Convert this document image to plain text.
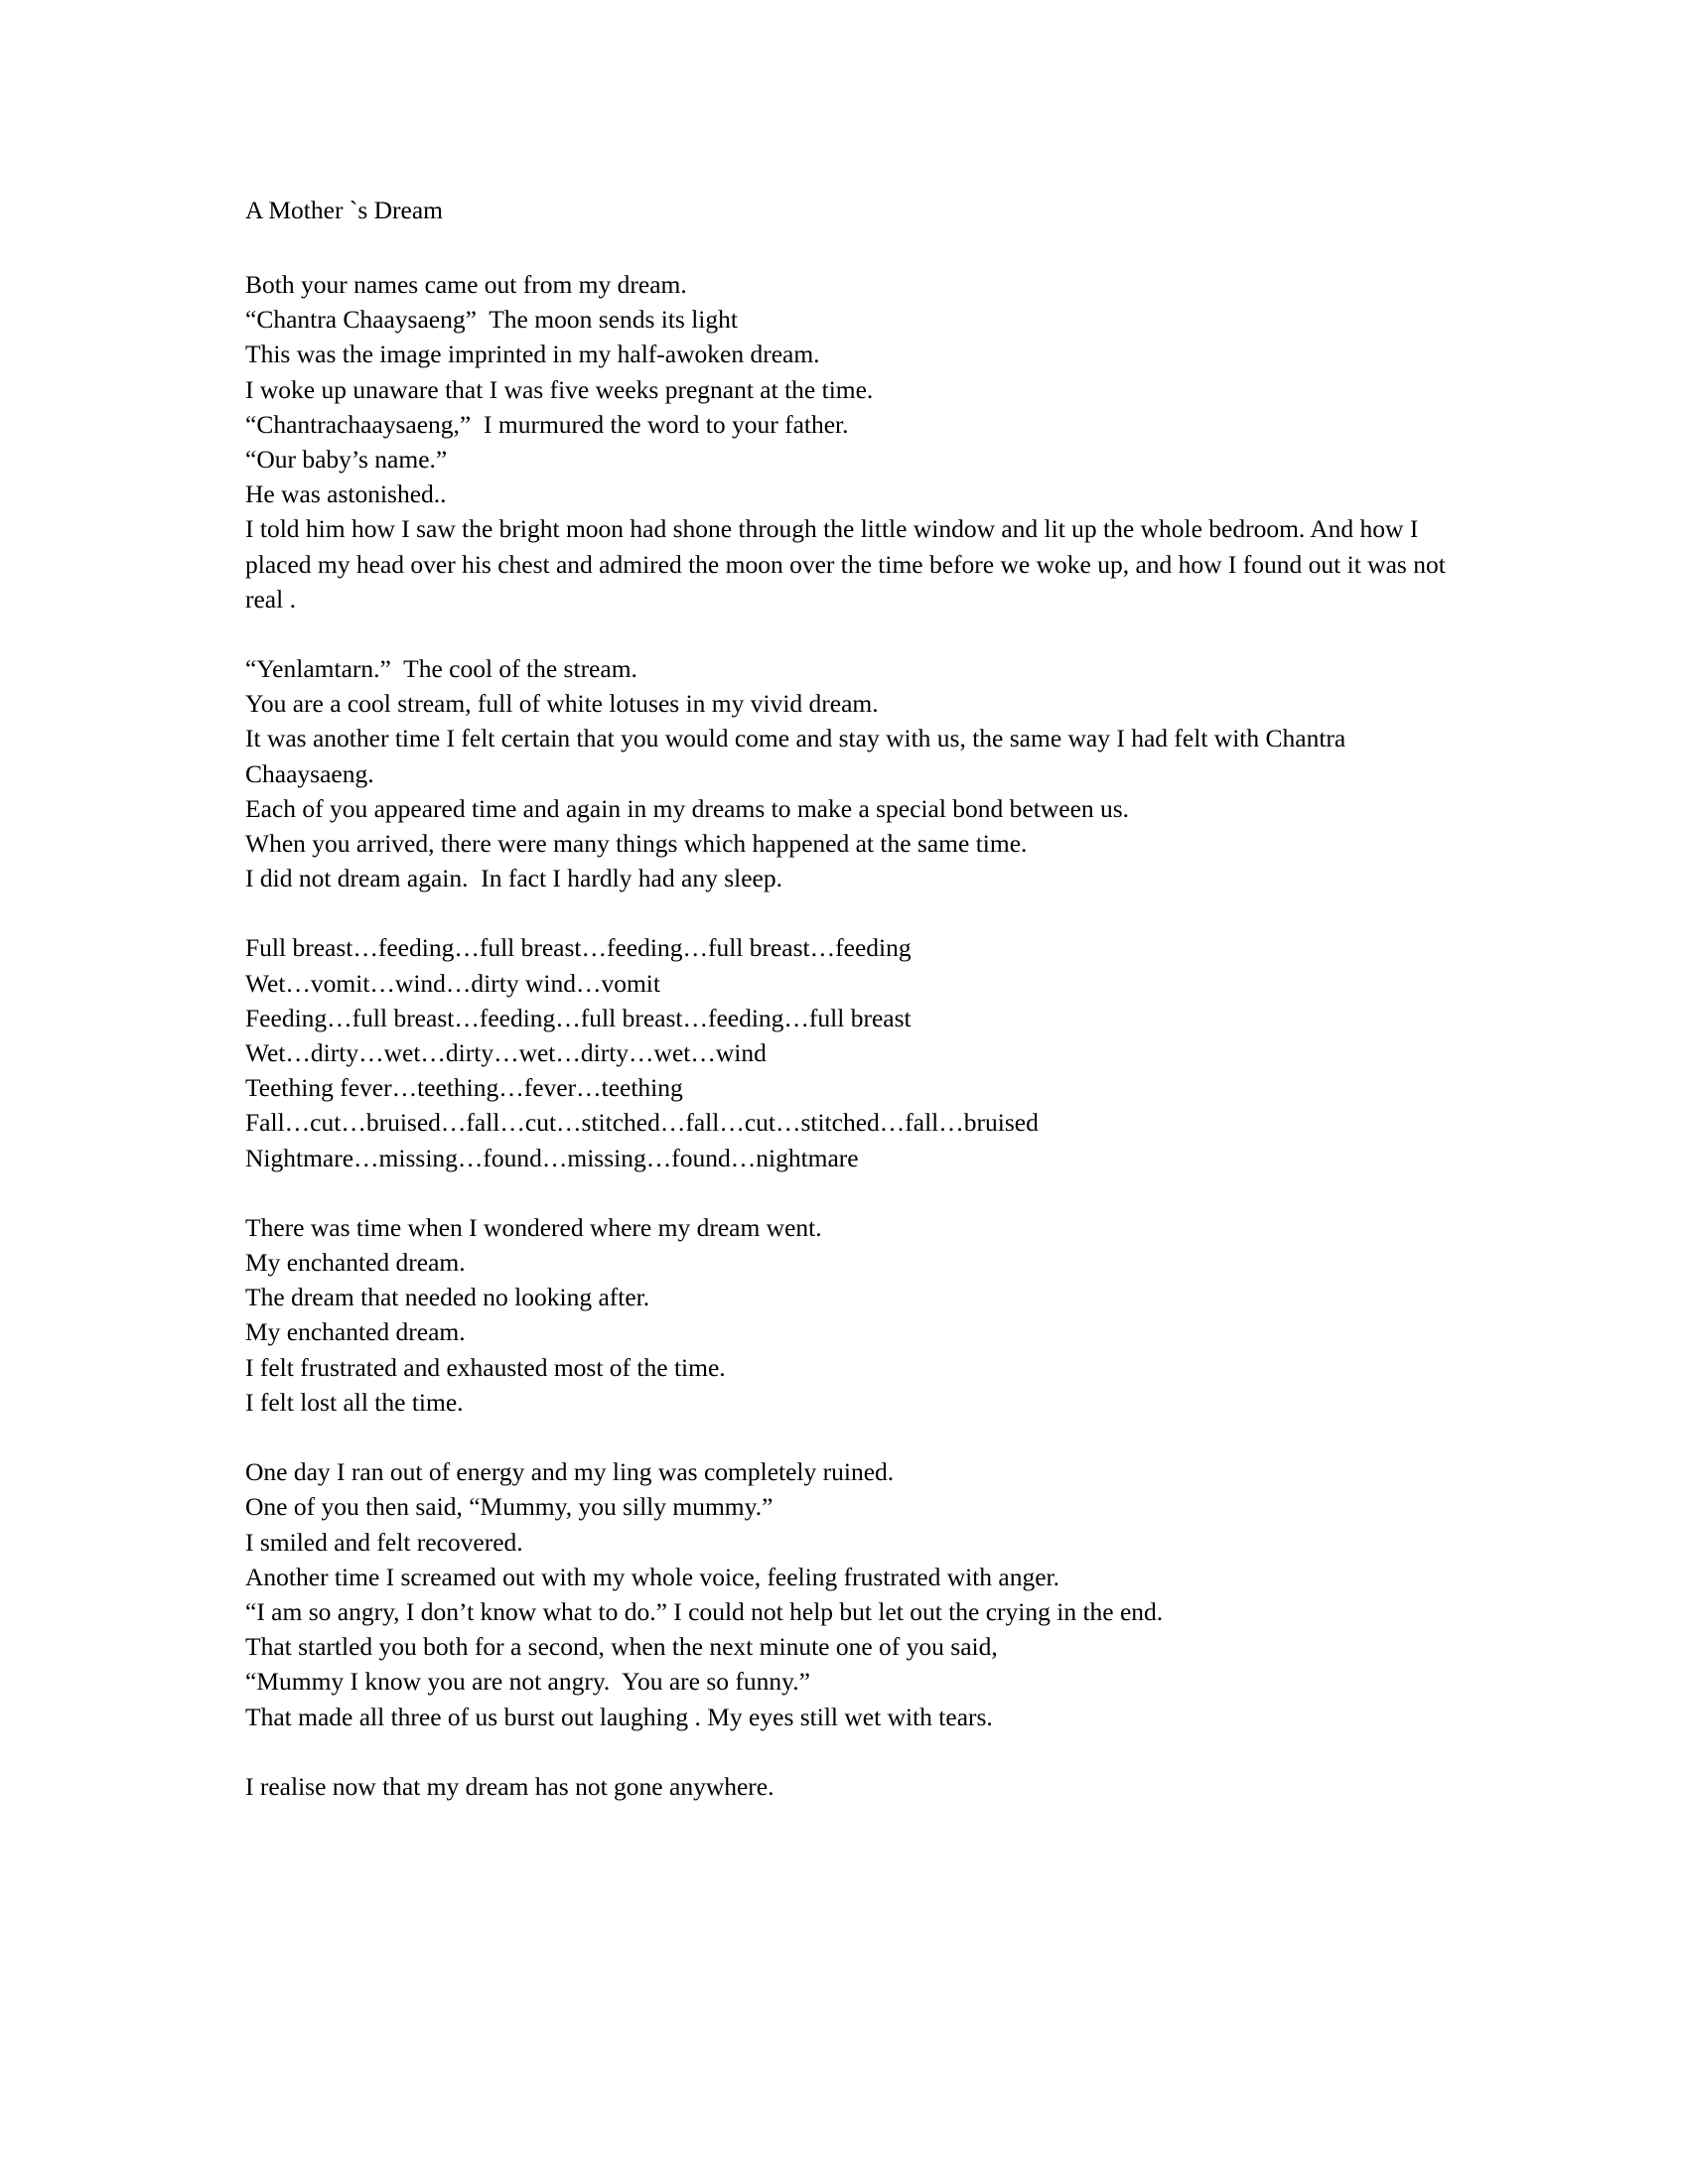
A Mother `s Dream

Both your names came out from my dream.

“Chantra Chaaysaeng”  The moon sends its light

This was the image imprinted in my half-awoken dream.

I woke up unaware that I was five weeks pregnant at the time.

“Chantrachaaysaeng,”  I murmured the word to your father.

“Our baby’s name.”

He was astonished..

I told him how I saw the bright moon had shone through the little window and lit up the whole bedroom. And how I placed my head over his chest and admired the moon over the time before we woke up, and how I found out it was not real .

“Yenlamtarn.”  The cool of the stream.

You are a cool stream, full of white lotuses in my vivid dream.

It was another time I felt certain that you would come and stay with us, the same way I had felt with Chantra Chaaysaeng.

Each of you appeared time and again in my dreams to make a special bond between us.

When you arrived, there were many things which happened at the same time.

I did not dream again.  In fact I hardly had any sleep.

Full breast…feeding…full breast…feeding…full breast…feeding

Wet…vomit…wind…dirty wind…vomit

Feeding…full breast…feeding…full breast…feeding…full breast

Wet…dirty…wet…dirty…wet…dirty…wet…wind

Teething fever…teething…fever…teething

Fall…cut…bruised…fall…cut…stitched…fall…cut…stitched…fall…bruised

Nightmare…missing…found…missing…found…nightmare

There was time when I wondered where my dream went.

My enchanted dream.

The dream that needed no looking after.

My enchanted dream.

I felt frustrated and exhausted most of the time.

I felt lost all the time.

One day I ran out of energy and my ling was completely ruined.

One of you then said, “Mummy, you silly mummy.”

I smiled and felt recovered.

Another time I screamed out with my whole voice, feeling frustrated with anger.

“I am so angry, I don’t know what to do.” I could not help but let out the crying in the end.

That startled you both for a second, when the next minute one of you said,

“Mummy I know you are not angry.  You are so funny.”

That made all three of us burst out laughing . My eyes still wet with tears.

I realise now that my dream has not gone anywhere.
